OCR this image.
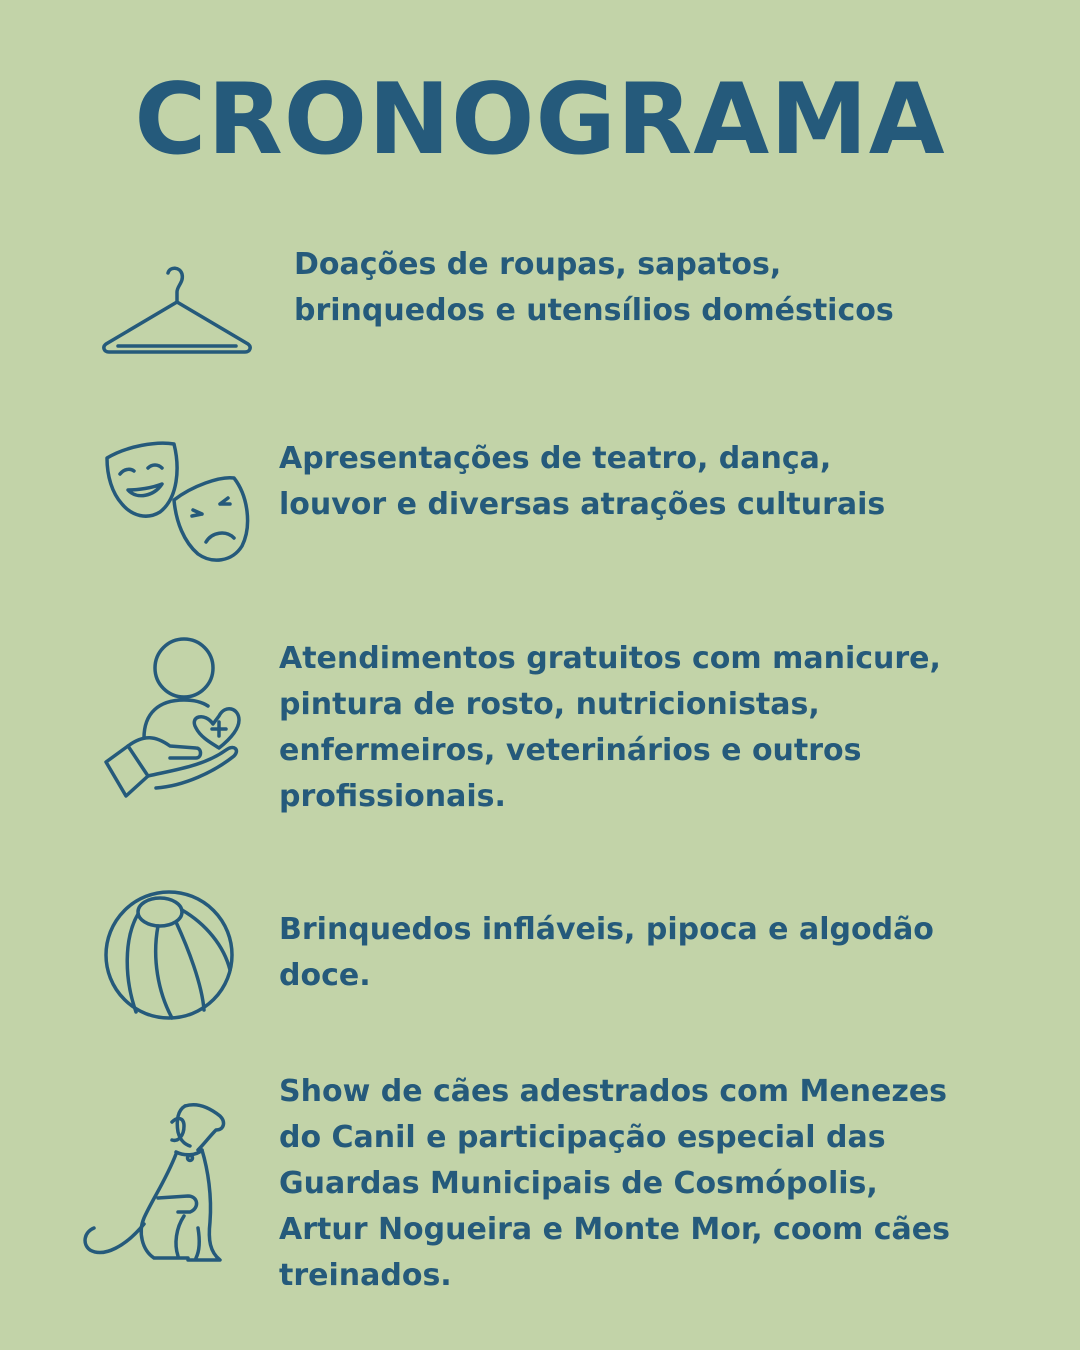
CRONOGRAMA

Doações de roupas, sapatos,
brinquedos e utensílios domésticos

Apresentações de teatro, dança,
louvor e diversas atrações culturais

Atendimentos gratuitos com manicure,
pintura de rosto, nutricionistas,
enfermeiros, veterinários e outros
profissionais.

Brinquedos infláveis, pipoca e algodão
doce.

Show de cães adestrados com Menezes
do Canil e participação especial das
Guardas Municipais de Cosmópolis,
Artur Nogueira e Monte Mor, coom cães
treinados.
